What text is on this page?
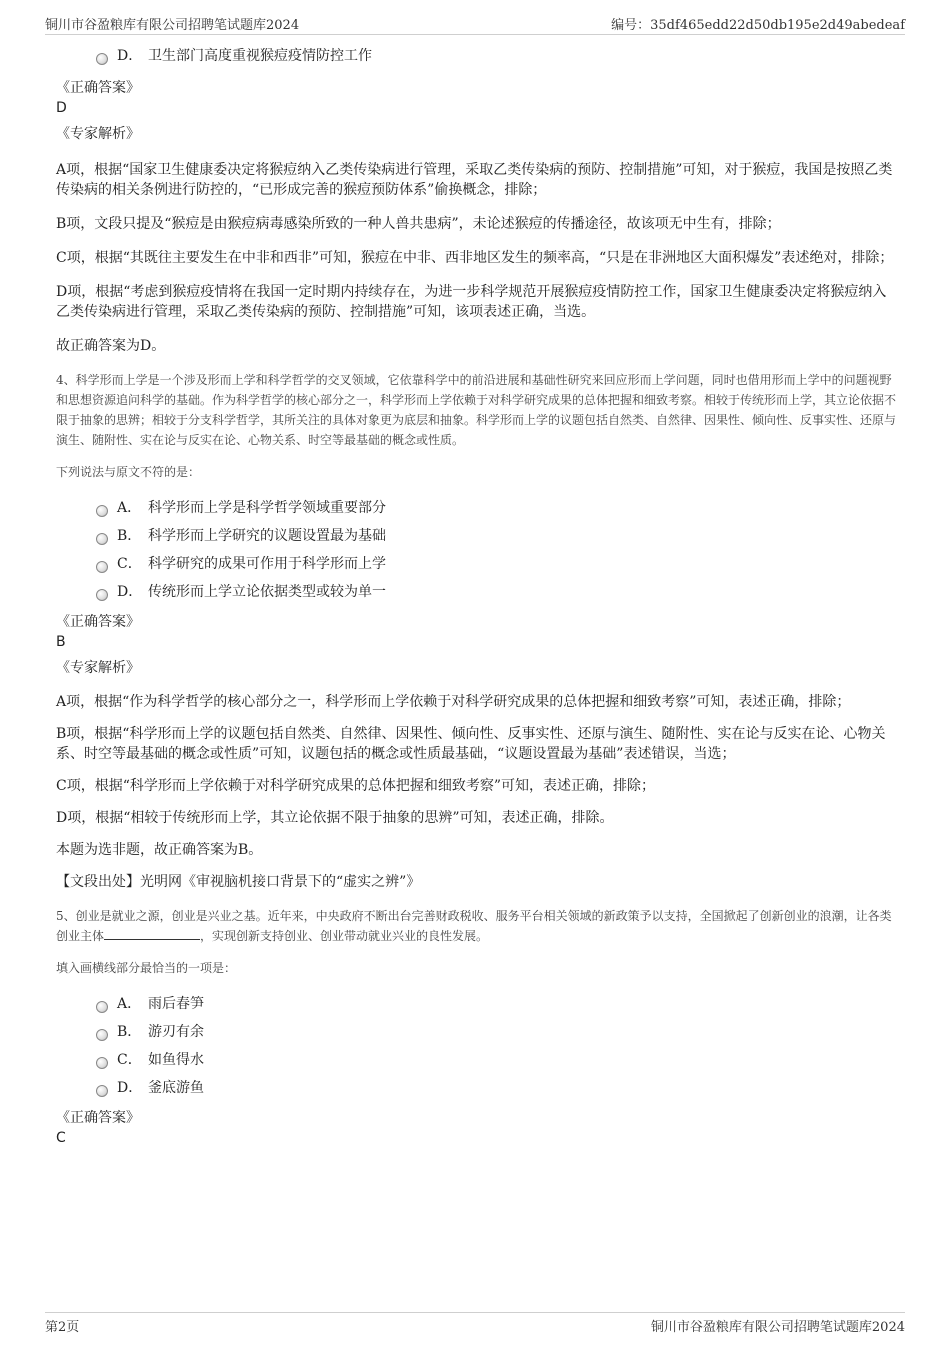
铜川市谷盈粮库有限公司招聘笔试题库2024	编号：35df465edd22d50db195e2d49abedeaf
D． 卫生部门高度重视猴痘疫情防控工作
《正确答案》
D
《专家解析》

A项，根据“国家卫生健康委决定将猴痘纳入乙类传染病进行管理，采取乙类传染病的预防、控制措施”可知，对于猴痘，我国是按照乙类传染病的相关条例进行防控的，“已形成完善的猴痘预防体系”偷换概念，排除；

B项，文段只提及“猴痘是由猴痘病毒感染所致的一种人兽共患病”，未论述猴痘的传播途径，故该项无中生有，排除；

C项，根据“其既往主要发生在中非和西非”可知，猴痘在中非、西非地区发生的频率高，“只是在非洲地区大面积爆发”表述绝对，排除；

D项，根据“考虑到猴痘疫情将在我国一定时期内持续存在，为进一步科学规范开展猴痘疫情防控工作，国家卫生健康委决定将猴痘纳入乙类传染病进行管理，采取乙类传染病的预防、控制措施”可知，该项表述正确，当选。

故正确答案为D。

4、科学形而上学是一个涉及形而上学和科学哲学的交叉领域，它依靠科学中的前沿进展和基础性研究来回应形而上学问题，同时也借用形而上学中的问题视野和思想资源追问科学的基础。作为科学哲学的核心部分之一，科学形而上学依赖于对科学研究成果的总体把握和细致考察。相较于传统形而上学，其立论依据不限于抽象的思辨；相较于分支科学哲学，其所关注的具体对象更为底层和抽象。科学形而上学的议题包括自然类、自然律、因果性、倾向性、反事实性、还原与演生、随附性、实在论与反实在论、心物关系、时空等最基础的概念或性质。
下列说法与原文不符的是：
A． 科学形而上学是科学哲学领域重要部分
B． 科学形而上学研究的议题设置最为基础
C． 科学研究的成果可作用于科学形而上学
D． 传统形而上学立论依据类型或较为单一
《正确答案》
B
《专家解析》

A项，根据“作为科学哲学的核心部分之一，科学形而上学依赖于对科学研究成果的总体把握和细致考察”可知，表述正确，排除；

B项，根据“科学形而上学的议题包括自然类、自然律、因果性、倾向性、反事实性、还原与演生、随附性、实在论与反实在论、心物关系、时空等最基础的概念或性质”可知，议题包括的概念或性质最基础，“议题设置最为基础”表述错误，当选；

C项，根据“科学形而上学依赖于对科学研究成果的总体把握和细致考察”可知，表述正确，排除；

D项，根据“相较于传统形而上学，其立论依据不限于抽象的思辨”可知，表述正确，排除。

本题为选非题，故正确答案为B。

【文段出处】光明网《审视脑机接口背景下的“虚实之辨”》

5、创业是就业之源，创业是兴业之基。近年来，中央政府不断出台完善财政税收、服务平台相关领域的新政策予以支持，全国掀起了创新创业的浪潮，让各类创业主体	，实现创新支持创业、创业带动就业兴业的良性发展。
填入画横线部分最恰当的一项是：
A． 雨后春笋
B． 游刃有余
C． 如鱼得水
D． 釜底游鱼
《正确答案》
C
第2页	铜川市谷盈粮库有限公司招聘笔试题库2024
